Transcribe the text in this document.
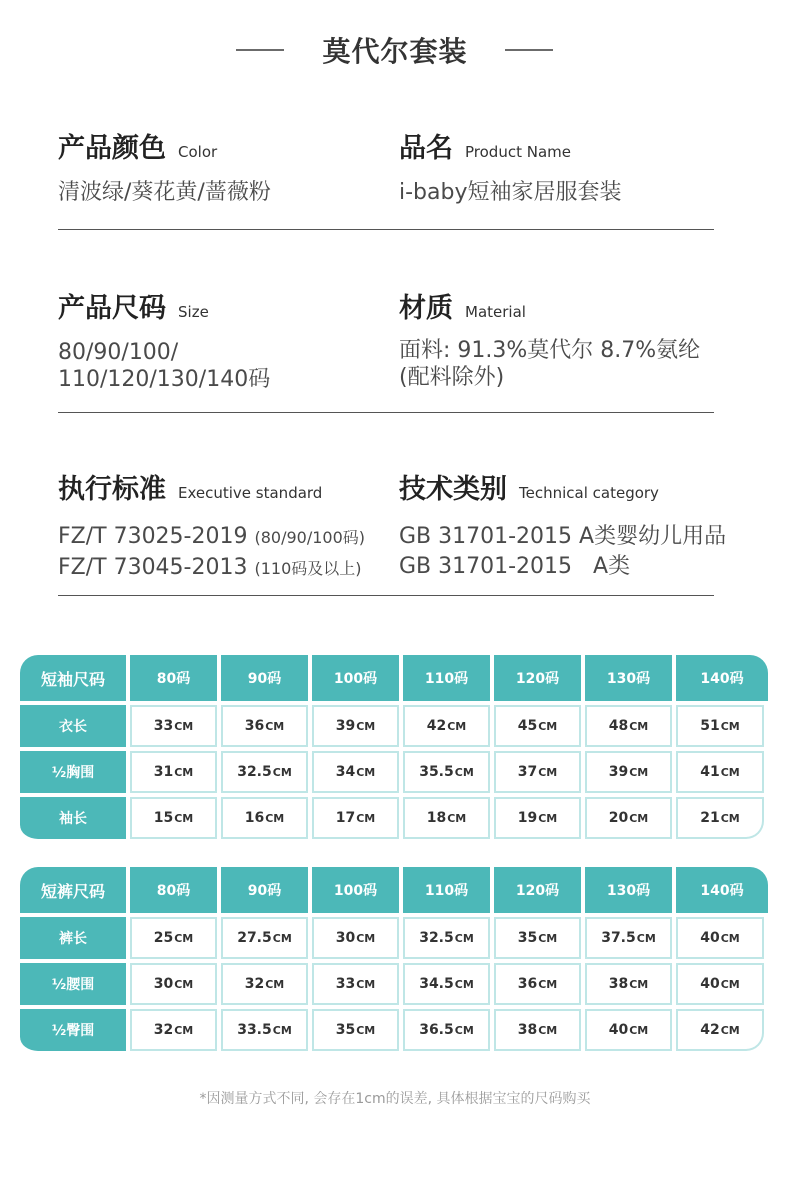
莫代尔套装
产品颜色 Color
清波绿/葵花黄/蔷薇粉
品名 Product Name
i-baby短袖家居服套装
产品尺码 Size
80/90/100/
110/120/130/140码
材质 Material
面料: 91.3%莫代尔 8.7%氨纶
(配料除外)
执行标准 Executive standard
FZ/T 73025-2019 (80/90/100码)
FZ/T 73045-2013 (110码及以上)
技术类别 Technical category
GB 31701-2015 A类婴幼儿用品
GB 31701-2015   A类
短袖尺码	80码	90码	100码	110码	120码	130码	140码
衣长	33CM	36CM	39CM	42CM	45CM	48CM	51CM
½胸围	31CM	32.5CM	34CM	35.5CM	37CM	39CM	41CM
袖长	15CM	16CM	17CM	18CM	19CM	20CM	21CM
短裤尺码	80码	90码	100码	110码	120码	130码	140码
裤长	25CM	27.5CM	30CM	32.5CM	35CM	37.5CM	40CM
½腰围	30CM	32CM	33CM	34.5CM	36CM	38CM	40CM
½臀围	32CM	33.5CM	35CM	36.5CM	38CM	40CM	42CM
*因测量方式不同, 会存在1cm的误差, 具体根据宝宝的尺码购买
